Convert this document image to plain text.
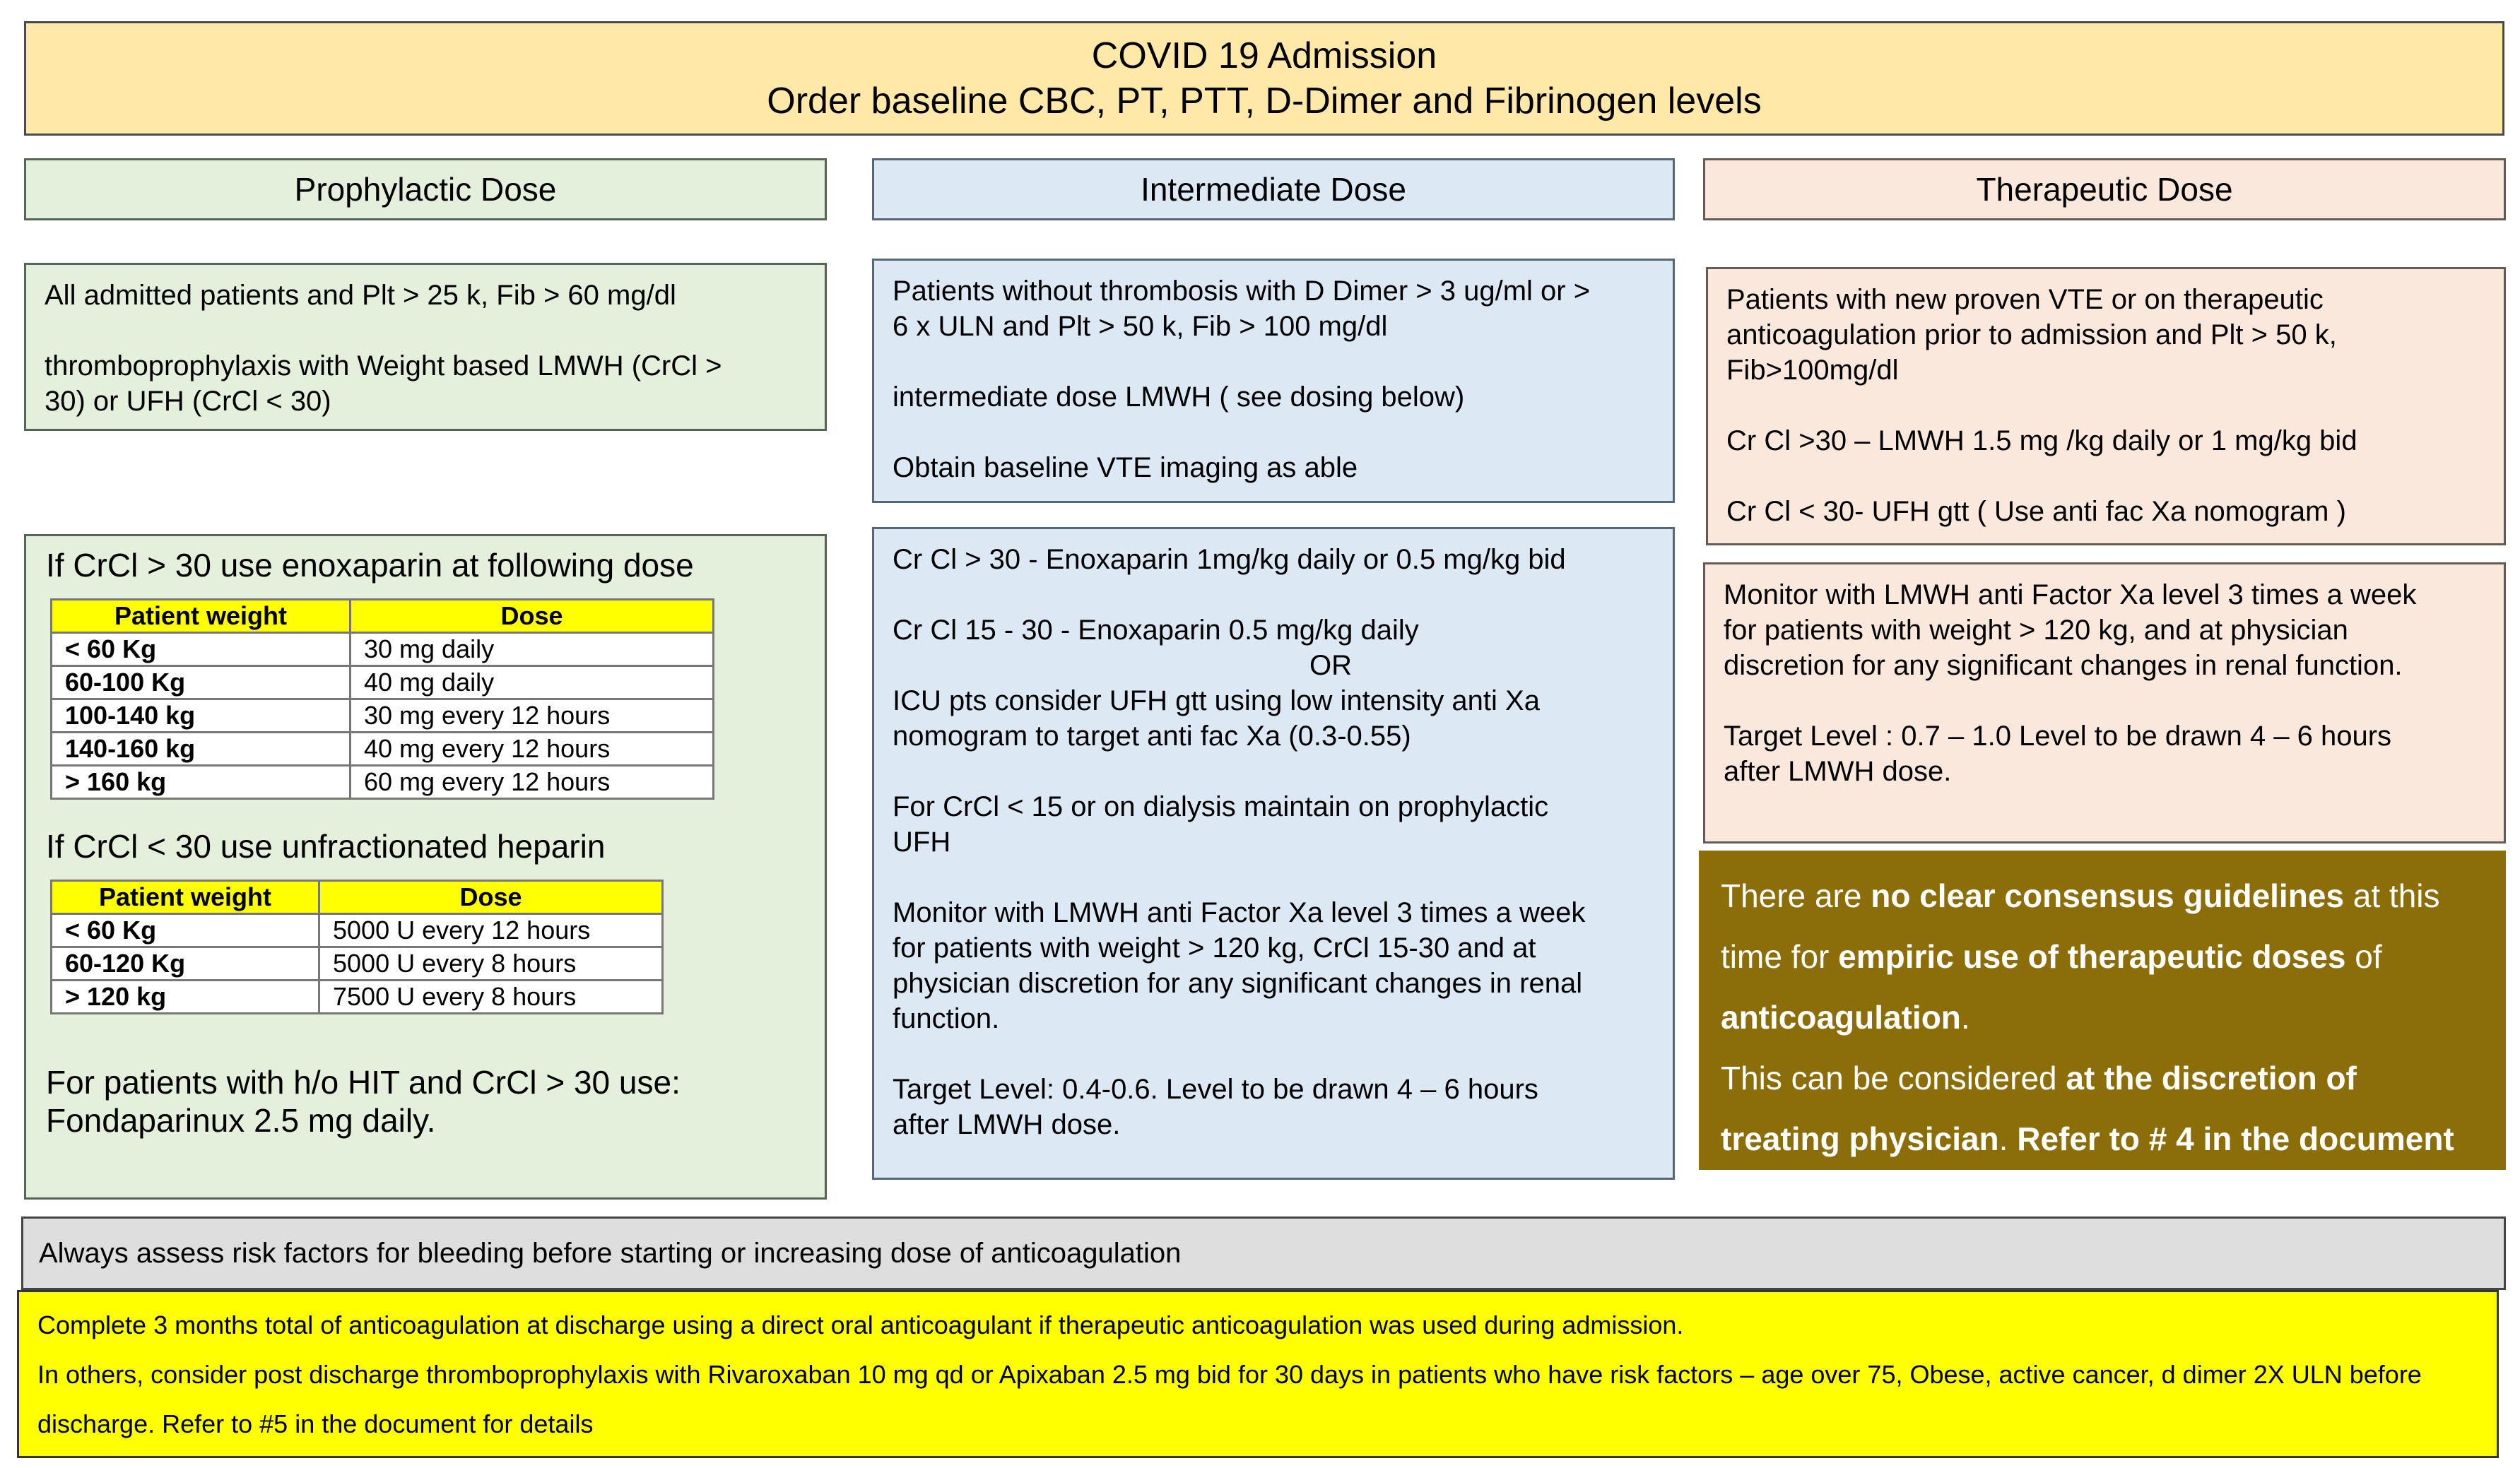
COVID 19 Admission
Order baseline CBC, PT, PTT, D-Dimer and Fibrinogen levels
Prophylactic Dose	Intermediate Dose	Therapeutic Dose

All admitted patients and Plt > 25 k, Fib > 60 mg/dl

thromboprophylaxis with Weight based LMWH (CrCl >
30) or UFH (CrCl < 30)

If CrCl > 30 use enoxaparin at following dose
Patient weight	Dose
< 60 Kg	30 mg daily
60-100 Kg	40 mg daily
100-140 kg	30 mg every 12 hours
140-160 kg	40 mg every 12 hours
> 160 kg	60 mg every 12 hours
If CrCl < 30 use unfractionated heparin
Patient weight	Dose
< 60 Kg	5000 U every 12 hours
60-120 Kg	5000 U every 8 hours
> 120 kg	7500 U every 8 hours
For patients with h/o HIT and CrCl > 30 use:
Fondaparinux 2.5 mg daily.

Patients without thrombosis with D Dimer > 3 ug/ml or >
6 x ULN and Plt > 50 k, Fib > 100 mg/dl

intermediate dose LMWH ( see dosing below)

Obtain baseline VTE imaging as able

Cr Cl > 30 - Enoxaparin 1mg/kg daily or 0.5 mg/kg bid

Cr Cl 15 - 30 - Enoxaparin 0.5 mg/kg daily

OR

ICU pts consider UFH gtt using low intensity anti Xa
nomogram to target anti fac Xa (0.3-0.55)

For CrCl < 15 or on dialysis maintain on prophylactic
UFH

Monitor with LMWH anti Factor Xa level 3 times a week
for patients with weight > 120 kg, CrCl 15-30 and at
physician discretion for any significant changes in renal
function.

Target Level: 0.4-0.6. Level to be drawn 4 – 6 hours
after LMWH dose.

Patients with new proven VTE or on therapeutic
anticoagulation prior to admission and Plt > 50 k,
Fib>100mg/dl

Cr Cl >30 – LMWH 1.5 mg /kg daily or 1 mg/kg bid

Cr Cl < 30- UFH gtt ( Use anti fac Xa nomogram )

Monitor with LMWH anti Factor Xa level 3 times a week
for patients with weight > 120 kg, and at physician
discretion for any significant changes in renal function.

Target Level : 0.7 – 1.0 Level to be drawn 4 – 6 hours
after LMWH dose.

There are no clear consensus guidelines at this time for empiric use of therapeutic doses of anticoagulation.
This can be considered at the discretion of treating physician. Refer to # 4 in the document
Always assess risk factors for bleeding before starting or increasing dose of anticoagulation

Complete 3 months total of anticoagulation at discharge using a direct oral anticoagulant if therapeutic anticoagulation was used during admission.

In others, consider post discharge thromboprophylaxis with Rivaroxaban 10 mg qd or Apixaban 2.5 mg bid for 30 days in patients who have risk factors – age over 75, Obese, active cancer, d dimer 2X ULN before discharge. Refer to #5 in the document for details
